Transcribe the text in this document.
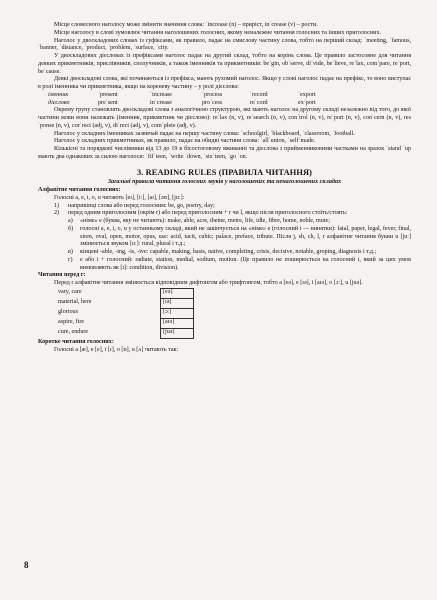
Місце словесного наголосу може змінити значення слова: ˈincrease (n) – приріст, inˈcrease (v) – рости.

Місце наголосу в слові зумовлює читання наголошених голосних, якому неналежне читання голосних та інших приголосних.

Наголос у двоскладових словах із суфіксами, як правило, падає на смислову частину слова, тобто на перший склад: ˈmeeting, ˈfamous, ˈbanner, ˈdistance, ˈproduct, ˈproblem, ˈsurface, ˈcity.

У двоскладових дієсловах із префіксами наголос падає на другий склад, тобто на корінь слова. Це правило застосовне для читання деяких прикметників, прислівників, сполучників, а також іменників та прикметників: beˈgin, obˈserve, diˈvide, beˈlieve, reˈlax, comˈpare, reˈport, beˈcause.

Деякі двоскладові слова, які починаються із префікса, мають рухомий наголос. Якщо у слові наголос падає на префікс, то воно виступає в ролі іменника чи прикметника, якщо на кореневу частину – у ролі дієслова:

іменник	ˈpresent	ˈincrease	ˈprocess	ˈrecord	ˈexport
дієслово	preˈsent	inˈcrease	proˈcess	reˈcord	exˈport

Окрему групу становлять двоскладові слова з аналогічною структурою, які мають наголос на другому складі незалежно від того, до якої частини мови вони належать (іменник, прикметник чи дієслово): reˈlax (n, v), reˈsearch (n, v), conˈtrol (n, v), reˈport (n, v), conˈcern (n, v), resˈponse (n, v), corˈrect (adj, v), diˈrect (adj, v), comˈplete (adj, v).

Наголос у складних іменниках зазвичай падає на першу частину слова: ˈschoolgirl, ˈblackboard, ˈclassroom, ˈfootball.

Наголос у складних прикметниках, як правило, падає на обидві частини слова: ˈallˈunion, ˈselfˈmade.

Кількісні та порядкові числівники від 13 до 19 в бісостоговому вживанні та дієслова з прийменниковими частками на зразок ˈstand ˈup мають два однакових за силою наголоси: ˈfifˈteen, ˈwrite ˈdown, ˈsixˈteen, ˈgo ˈon.

3. READING RULES (ПРАВИЛА ЧИТАННЯ)
Загальні правила читання голосних звуків у наголошених та ненаголошених складах

Алфавітне читання голосних:

Голосні a, e, i, o, u читають [eɪ], [iː], [aɪ], [əʊ], [juː]:

1)	наприкінці слова або перед голосним: be, go, poetry, day;
2)	перед одним приголосним (окрім r) або перед приголосним + r чи l, якщо після приголосного стоїть/стоять:
а)	«німе» e (буква, яку не читають): make, able, acre, theme, metre, life, idle, fibre, home, noble, mute;
б)	голосні a, e, i, o, u у останньому складі, який не закінчується на «німе» e (голосний i — винятки): fatal, paper, legal, fever, final, siren, oval, open, motor, opus, use: acid, tacit, cubic; palace, preface, tribute. Після j, sh, ch, l, r алфавітне читання букви u [juː] змінюється звуком [uː]: rural, plural і т.д.;
в)	кінцеві -able, -ing, -is, -ive: capable, making, basis, native, completing, crisis, decisive, notable, groping, diagnosis і т.д.;
г)	e або i + голосний: radiate, station, medial, sodium, motion. (Це правило не поширюється на голосний i, який за цих умов вимовляють як [ɪ]: condition, division).

Читання перед r:

Перед r алфавітне читання змінюється відповідним дифтонгом або трифтонгом, тобто a [eə], e [ɪə], i [aɪə], o [ɔː], u [juə].

vary, care	[eə]
material, here	[ɪə]
glorious	[ɔː]
aspire, fire	[aɪə]
cure, endure	[juə]

Коротке читання голосних:

Голосні a [æ], e [e], i [ɪ], o [ɒ], u [ʌ] читають так:

8
